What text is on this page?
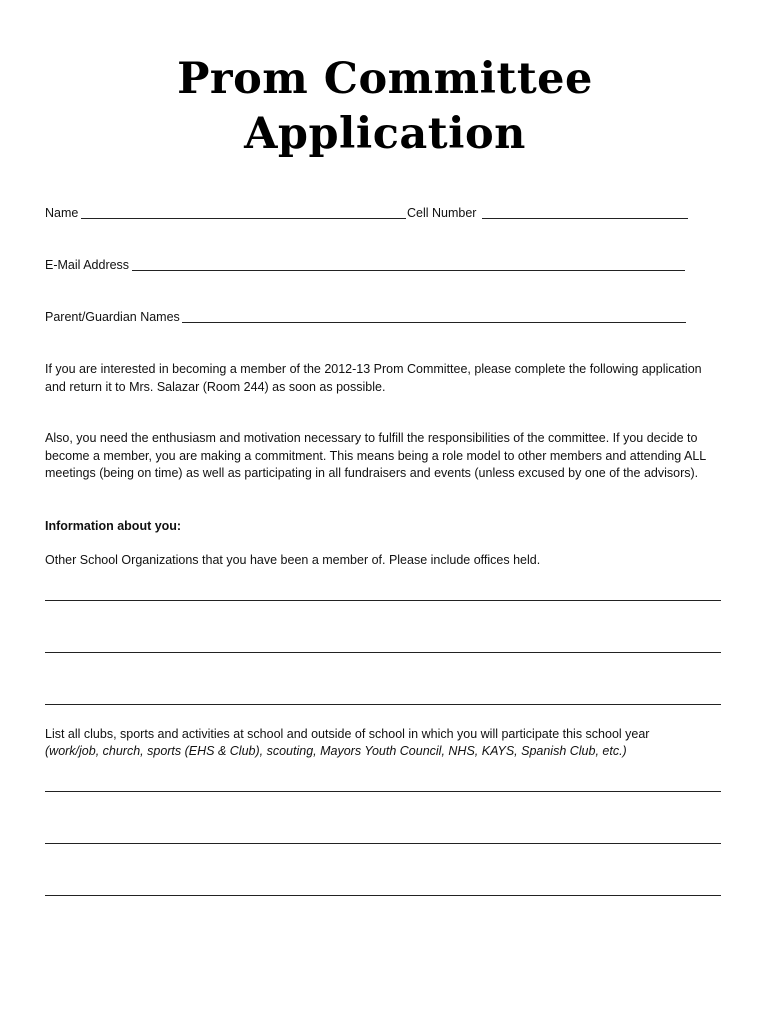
Prom Committee
Application
Name	Cell Number
E-Mail Address
Parent/Guardian Names

If you are interested in becoming a member of the 2012-13 Prom Committee, please complete the following application and return it to Mrs. Salazar (Room 244) as soon as possible.

Also, you need the enthusiasm and motivation necessary to fulfill the responsibilities of the committee. If you decide to become a member, you are making a commitment. This means being a role model to other members and attending ALL meetings (being on time) as well as participating in all fundraisers and events (unless excused by one of the advisors).

Information about you:

Other School Organizations that you have been a member of. Please include offices held.

List all clubs, sports and activities at school and outside of school in which you will participate this school year

(work/job, church, sports (EHS & Club), scouting, Mayors Youth Council, NHS, KAYS, Spanish Club, etc.)
